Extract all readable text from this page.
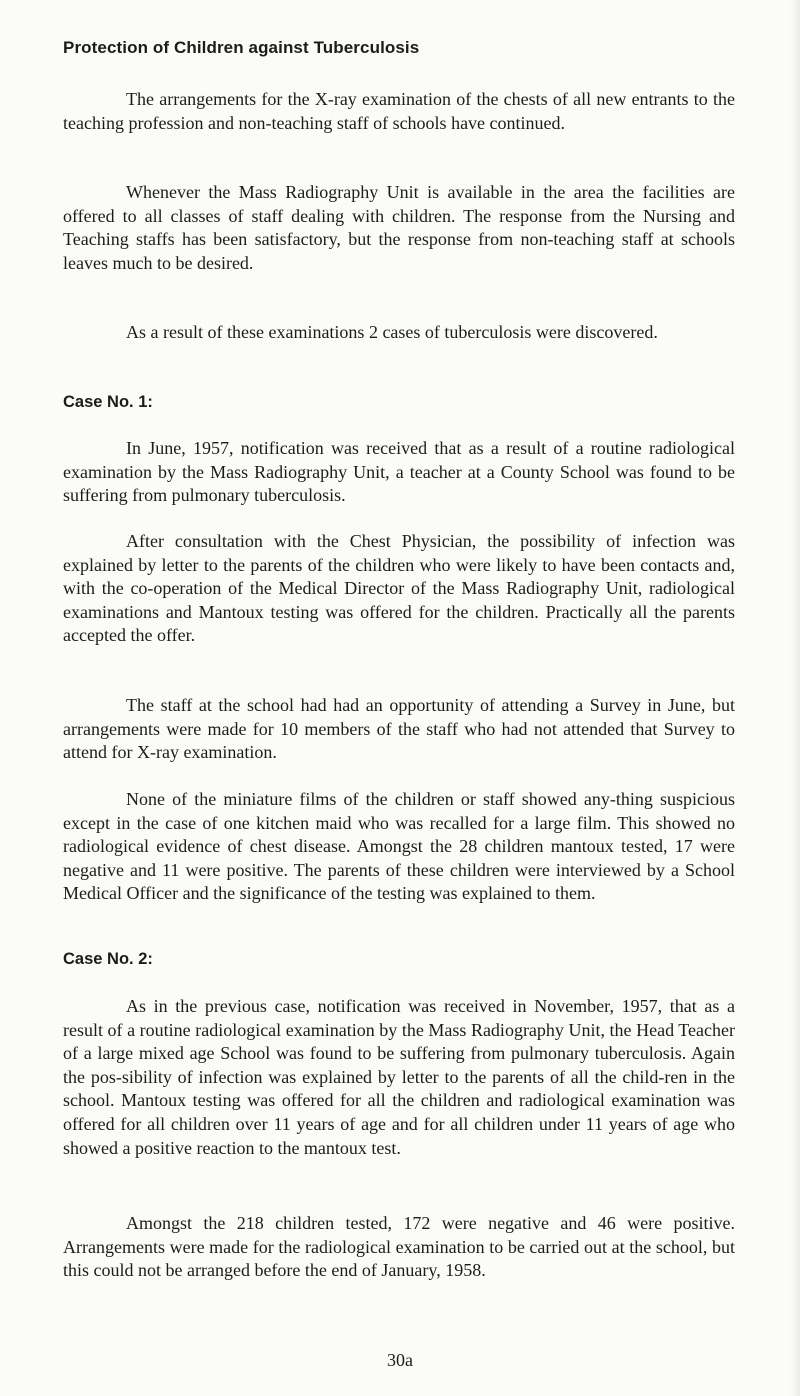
Protection of Children against Tuberculosis

The arrangements for the X-ray examination of the chests of all new entrants to the teaching profession and non-teaching staff of schools have continued.

Whenever the Mass Radiography Unit is available in the area the facilities are offered to all classes of staff dealing with children. The response from the Nursing and Teaching staffs has been satisfactory, but the response from non-teaching staff at schools leaves much to be desired.

As a result of these examinations 2 cases of tuberculosis were discovered.

Case No. 1:

In June, 1957, notification was received that as a result of a routine radiological examination by the Mass Radiography Unit, a teacher at a County School was found to be suffering from pulmonary tuberculosis.

After consultation with the Chest Physician, the possibility of infection was explained by letter to the parents of the children who were likely to have been contacts and, with the co-operation of the Medical Director of the Mass Radiography Unit, radiological examinations and Mantoux testing was offered for the children. Practically all the parents accepted the offer.

The staff at the school had had an opportunity of attending a Survey in June, but arrangements were made for 10 members of the staff who had not attended that Survey to attend for X-ray examination.

None of the miniature films of the children or staff showed any-thing suspicious except in the case of one kitchen maid who was recalled for a large film. This showed no radiological evidence of chest disease. Amongst the 28 children mantoux tested, 17 were negative and 11 were positive. The parents of these children were interviewed by a School Medical Officer and the significance of the testing was explained to them.

Case No. 2:

As in the previous case, notification was received in November, 1957, that as a result of a routine radiological examination by the Mass Radiography Unit, the Head Teacher of a large mixed age School was found to be suffering from pulmonary tuberculosis. Again the pos-sibility of infection was explained by letter to the parents of all the child-ren in the school. Mantoux testing was offered for all the children and radiological examination was offered for all children over 11 years of age and for all children under 11 years of age who showed a positive reaction to the mantoux test.

Amongst the 218 children tested, 172 were negative and 46 were positive. Arrangements were made for the radiological examination to be carried out at the school, but this could not be arranged before the end of January, 1958.

30a
